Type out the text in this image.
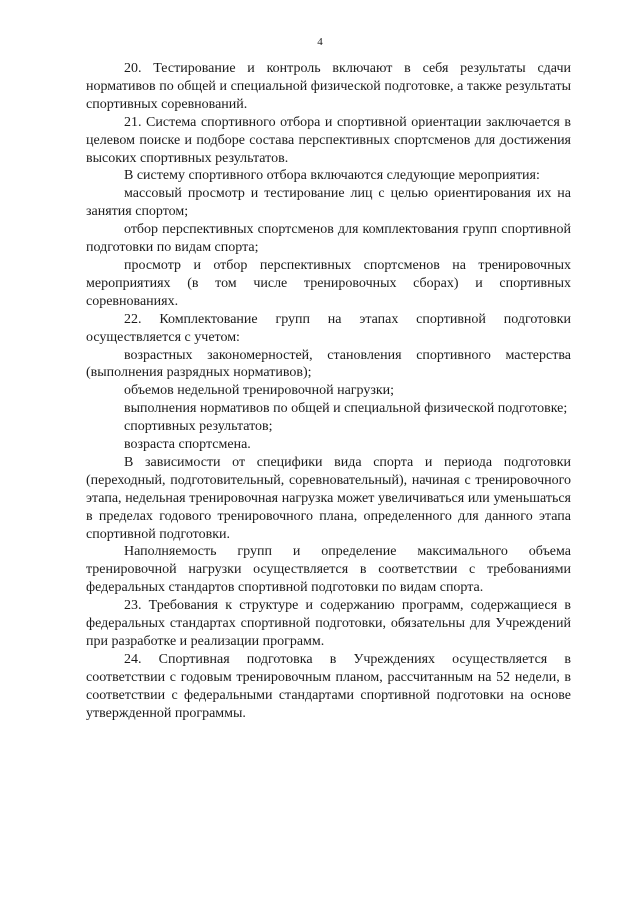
4

20. Тестирование и контроль включают в себя результаты сдачи нормативов по общей и специальной физической подготовке, а также результаты спортивных соревнований.

21. Система спортивного отбора и спортивной ориентации заключается в целевом поиске и подборе состава перспективных спортсменов для достижения высоких спортивных результатов.

В систему спортивного отбора включаются следующие мероприятия:

массовый просмотр и тестирование лиц с целью ориентирования их на занятия спортом;

отбор перспективных спортсменов для комплектования групп спортивной подготовки по видам спорта;

просмотр и отбор перспективных спортсменов на тренировочных мероприятиях (в том числе тренировочных сборах) и спортивных соревнованиях.

22. Комплектование групп на этапах спортивной подготовки осуществляется с учетом:

возрастных закономерностей, становления спортивного мастерства (выполнения разрядных нормативов);

объемов недельной тренировочной нагрузки;

выполнения нормативов по общей и специальной физической подготовке;

спортивных результатов;

возраста спортсмена.

В зависимости от специфики вида спорта и периода подготовки (переходный, подготовительный, соревновательный), начиная с тренировочного этапа, недельная тренировочная нагрузка может увеличиваться или уменьшаться в пределах годового тренировочного плана, определенного для данного этапа спортивной подготовки.

Наполняемость групп и определение максимального объема тренировочной нагрузки осуществляется в соответствии с требованиями федеральных стандартов спортивной подготовки по видам спорта.

23. Требования к структуре и содержанию программ, содержащиеся в федеральных стандартах спортивной подготовки, обязательны для Учреждений при разработке и реализации программ.

24. Спортивная подготовка в Учреждениях осуществляется в соответствии с годовым тренировочным планом, рассчитанным на 52 недели, в соответствии с федеральными стандартами спортивной подготовки на основе утвержденной программы.
